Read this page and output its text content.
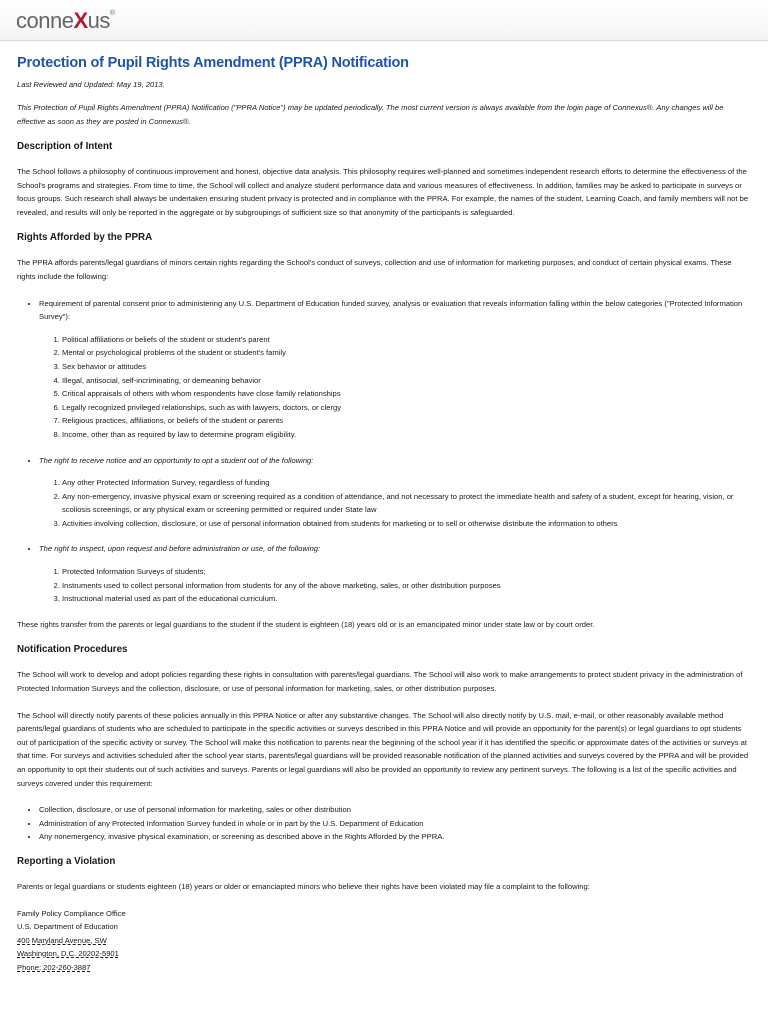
conneXus®
Protection of Pupil Rights Amendment (PPRA) Notification
Last Reviewed and Updated: May 19, 2013.
This Protection of Pupil Rights Amendment (PPRA) Notification ("PPRA Notice") may be updated periodically. The most current version is always available from the login page of Connexus®. Any changes will be effective as soon as they are posted in Connexus®.
Description of Intent

The School follows a philosophy of continuous improvement and honest, objective data analysis. This philosophy requires well-planned and sometimes independent research efforts to determine the effectiveness of the School's programs and strategies. From time to time, the School will collect and analyze student performance data and various measures of effectiveness. In addition, families may be asked to participate in surveys or focus groups. Such research shall always be undertaken ensuring student privacy is protected and in compliance with the PPRA. For example, the names of the student, Learning Coach, and family members will not be revealed, and results will only be reported in the aggregate or by subgroupings of sufficient size so that anonymity of the participants is safeguarded.

Rights Afforded by the PPRA

The PPRA affords parents/legal guardians of minors certain rights regarding the School's conduct of surveys, collection and use of information for marketing purposes, and conduct of certain physical exams. These rights include the following:

• Requirement of parental consent prior to administering any U.S. Department of Education funded survey, analysis or evaluation that reveals information falling within the below categories ("Protected Information Survey"):
1. Political affiliations or beliefs of the student or student's parent
2. Mental or psychological problems of the student or student's family
3. Sex behavior or attitudes
4. Illegal, antisocial, self-incriminating, or demeaning behavior
5. Critical appraisals of others with whom respondents have close family relationships
6. Legally recognized privileged relationships, such as with lawyers, doctors, or clergy
7. Religious practices, affiliations, or beliefs of the student or parents
8. Income, other than as required by law to determine program eligibility.
• The right to receive notice and an opportunity to opt a student out of the following:
1. Any other Protected Information Survey, regardless of funding
2. Any non-emergency, invasive physical exam or screening required as a condition of attendance, and not necessary to protect the immediate health and safety of a student, except for hearing, vision, or scoliosis screenings, or any physical exam or screening permitted or required under State law
3. Activities involving collection, disclosure, or use of personal information obtained from students for marketing or to sell or otherwise distribute the information to others
• The right to inspect, upon request and before administration or use, of the following:
1. Protected Information Surveys of students;
2. Instruments used to collect personal information from students for any of the above marketing, sales, or other distribution purposes
3. Instructional material used as part of the educational curriculum.

These rights transfer from the parents or legal guardians to the student if the student is eighteen (18) years old or is an emancipated minor under state law or by court order.

Notification Procedures

The School will work to develop and adopt policies regarding these rights in consultation with parents/legal guardians. The School will also work to make arrangements to protect student privacy in the administration of Protected Information Surveys and the collection, disclosure, or use of personal information for marketing, sales, or other distribution purposes.

The School will directly notify parents of these policies annually in this PPRA Notice or after any substantive changes. The School will also directly notify by U.S. mail, e-mail, or other reasonably available method parents/legal guardians of students who are scheduled to participate in the specific activities or surveys described in this PPRA Notice and will provide an opportunity for the parent(s) or legal guardians to opt students out of participation of the specific activity or survey. The School will make this notification to parents near the beginning of the school year if it has identified the specific or approximate dates of the activities or surveys at that time. For surveys and activities scheduled after the school year starts, parents/legal guardians will be provided reasonable notification of the planned activities and surveys covered by the PPRA and will be provided an opportunity to opt their students out of such activities and surveys. Parents or legal guardians will also be provided an opportunity to review any pertinent surveys. The following is a list of the specific activities and surveys covered under this requirement:

• Collection, disclosure, or use of personal information for marketing, sales or other distribution
• Administration of any Protected Information Survey funded in whole or in part by the U.S. Department of Education
• Any nonemergency, invasive physical examination, or screening as described above in the Rights Afforded by the PPRA.
Reporting a Violation

Parents or legal guardians or students eighteen (18) years or older or emanciapted minors who believe their rights have been violated may file a complaint to the following:

Family Policy Compliance Office
U.S. Department of Education
400 Maryland Avenue, SW
Washington, D.C. 20202-5901
Phone: 202-260-3887
